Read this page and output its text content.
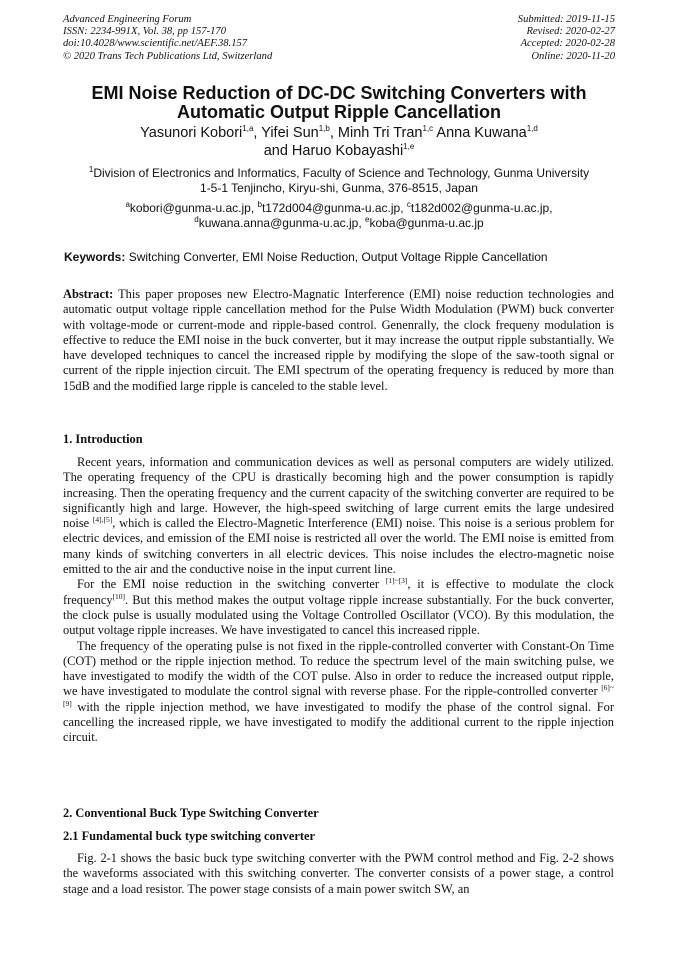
Advanced Engineering Forum
ISSN: 2234-991X, Vol. 38, pp 157-170
doi:10.4028/www.scientific.net/AEF.38.157
© 2020 Trans Tech Publications Ltd, Switzerland
Submitted: 2019-11-15
Revised: 2020-02-27
Accepted: 2020-02-28
Online: 2020-11-20
EMI Noise Reduction of DC-DC Switching Converters with
Automatic Output Ripple Cancellation
Yasunori Kobori$^{1,a}$, Yifei Sun$^{1,b}$, Minh Tri Tran$^{1,c}$ Anna Kuwana$^{1,d}$
and Haruo Kobayashi$^{1,e}$
$^1$Division of Electronics and Informatics, Faculty of Science and Technology, Gunma University
1-5-1 Tenjincho, Kiryu-shi, Gunma, 376-8515, Japan
$^a$kobori@gunma-u.ac.jp, $^b$t172d004@gunma-u.ac.jp, $^c$t182d002@gunma-u.ac.jp,
$^d$kuwana.anna@gunma-u.ac.jp, $^e$koba@gunma-u.ac.jp
Keywords: Switching Converter, EMI Noise Reduction, Output Voltage Ripple Cancellation
Abstract: This paper proposes new Electro-Magnatic Interference (EMI) noise reduction technologies and automatic output voltage ripple cancellation method for the Pulse Width Modulation (PWM) buck converter with voltage-mode or current-mode and ripple-based control. Genenrally, the clock frequeny modulation is effective to reduce the EMI noise in the buck converter, but it may increase the output ripple substantially. We have developed techniques to cancel the increased ripple by modifying the slope of the saw-tooth signal or current of the ripple injection circuit. The EMI spectrum of the operating frequency is reduced by more than 15dB and the modified large ripple is canceled to the stable level.
1. Introduction

Recent years, information and communication devices as well as personal computers are widely utilized. The operating frequency of the CPU is drastically becoming high and the power consumption is rapidly increasing. Then the operating frequency and the current capacity of the switching converter are required to be significantly high and large. However, the high-speed switching of large current emits the large undesired noise [4],[5], which is called the Electro-Magnetic Interference (EMI) noise. This noise is a serious problem for electric devices, and emission of the EMI noise is restricted all over the world. The EMI noise is emitted from many kinds of switching converters in all electric devices. This noise includes the electro-magnetic noise emitted to the air and the conductive noise in the input current line.

For the EMI noise reduction in the switching converter [1]~[3], it is effective to modulate the clock frequency[10]. But this method makes the output voltage ripple increase substantially. For the buck converter, the clock pulse is usually modulated using the Voltage Controlled Oscillator (VCO). By this modulation, the output voltage ripple increases. We have investigated to cancel this increased ripple.

The frequency of the operating pulse is not fixed in the ripple-controlled converter with Constant-On Time (COT) method or the ripple injection method. To reduce the spectrum level of the main switching pulse, we have investigated to modify the width of the COT pulse. Also in order to reduce the increased output ripple, we have investigated to modulate the control signal with reverse phase. For the ripple-controlled converter [6]~[9] with the ripple injection method, we have investigated to modify the phase of the control signal. For cancelling the increased ripple, we have investigated to modify the additional current to the ripple injection circuit.

2. Conventional Buck Type Switching Converter
2.1 Fundamental buck type switching converter

Fig. 2-1 shows the basic buck type switching converter with the PWM control method and Fig. 2-2 shows the waveforms associated with this switching converter. The converter consists of a power stage, a control stage and a load resistor. The power stage consists of a main power switch SW, an
